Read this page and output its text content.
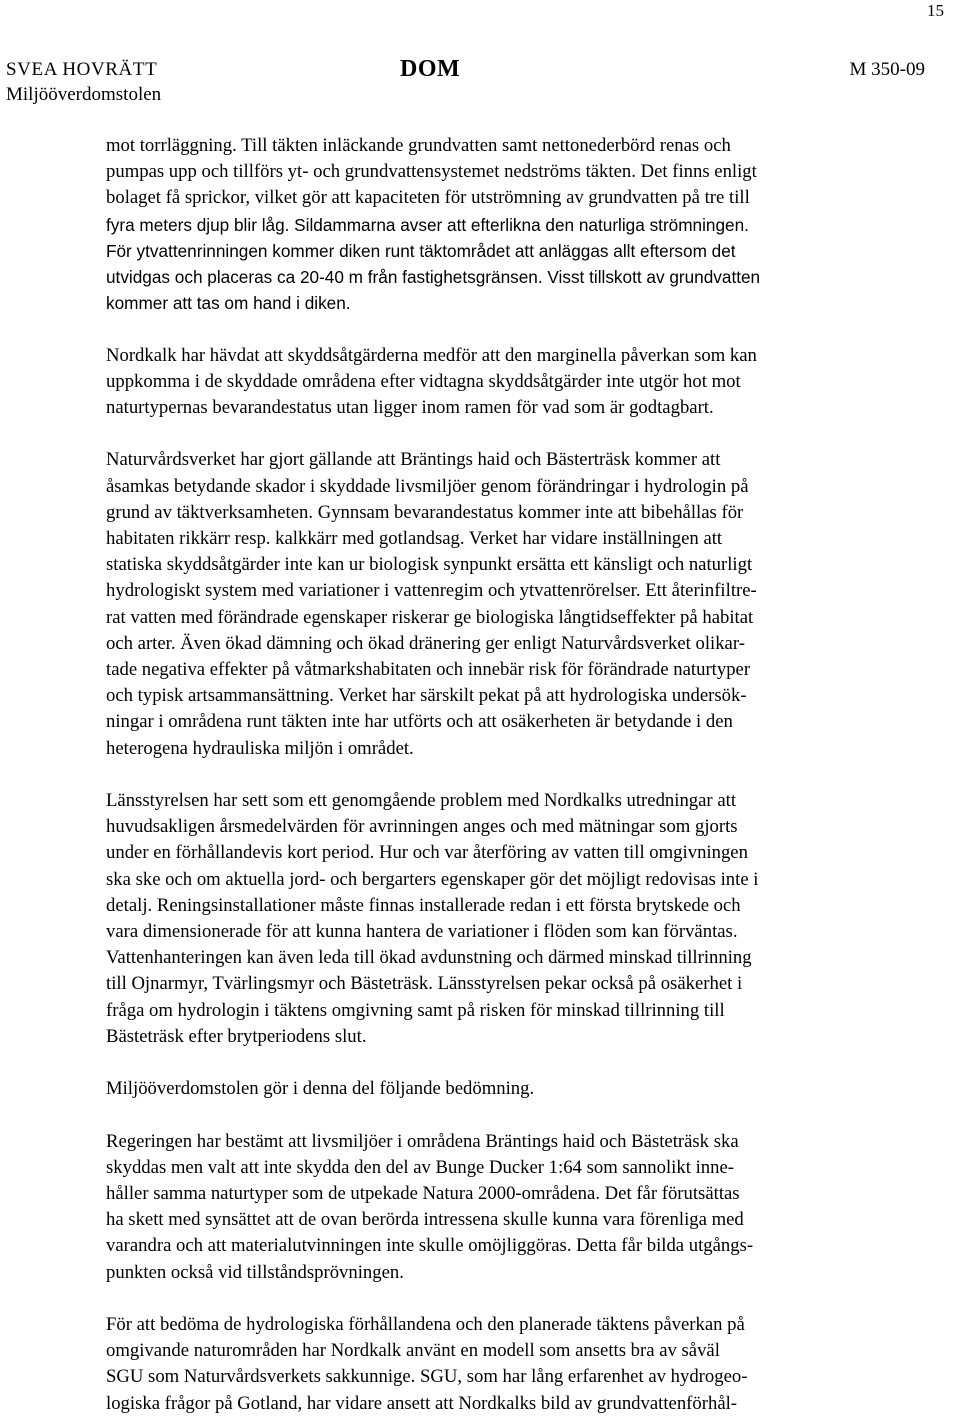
15
SVEA HOVRÄTT
Miljööverdomstolen
DOM	M 350-09

mot torrläggning. Till täkten inläckande grundvatten samt nettonederbörd renas och
pumpas upp och tillförs yt- och grundvattensystemet nedströms täkten. Det finns enligt
bolaget få sprickor, vilket gör att kapaciteten för utströmning av grundvatten på tre till
fyra meters djup blir låg. Sildammarna avser att efterlikna den naturliga strömningen.
För ytvattenrinningen kommer diken runt täktområdet att anläggas allt eftersom det
utvidgas och placeras ca 20-40 m från fastighetsgränsen. Visst tillskott av grundvatten
kommer att tas om hand i diken.

Nordkalk har hävdat att skyddsåtgärderna medför att den marginella påverkan som kan
uppkomma i de skyddade områdena efter vidtagna skyddsåtgärder inte utgör hot mot
naturtypernas bevarandestatus utan ligger inom ramen för vad som är godtagbart.

Naturvårdsverket har gjort gällande att Bräntings haid och Bästerträsk kommer att
åsamkas betydande skador i skyddade livsmiljöer genom förändringar i hydrologin på
grund av täktverksamheten. Gynnsam bevarandestatus kommer inte att bibehållas för
habitaten rikkärr resp. kalkkärr med gotlandsag. Verket har vidare inställningen att
statiska skyddsåtgärder inte kan ur biologisk synpunkt ersätta ett känsligt och naturligt
hydrologiskt system med variationer i vattenregim och ytvattenrörelser. Ett återinfiltre-
rat vatten med förändrade egenskaper riskerar ge biologiska långtidseffekter på habitat
och arter. Även ökad dämning och ökad dränering ger enligt Naturvårdsverket olikar-
tade negativa effekter på våtmarkshabitaten och innebär risk för förändrade naturtyper
och typisk artsammansättning. Verket har särskilt pekat på att hydrologiska undersök-
ningar i områdena runt täkten inte har utförts och att osäkerheten är betydande i den
heterogena hydrauliska miljön i området.

Länsstyrelsen har sett som ett genomgående problem med Nordkalks utredningar att
huvudsakligen årsmedelvärden för avrinningen anges och med mätningar som gjorts
under en förhållandevis kort period. Hur och var återföring av vatten till omgivningen
ska ske och om aktuella jord- och bergarters egenskaper gör det möjligt redovisas inte i
detalj. Reningsinstallationer måste finnas installerade redan i ett första brytskede och
vara dimensionerade för att kunna hantera de variationer i flöden som kan förväntas.
Vattenhanteringen kan även leda till ökad avdunstning och därmed minskad tillrinning
till Ojnarmyr, Tvärlingsmyr och Bästeträsk. Länsstyrelsen pekar också på osäkerhet i
fråga om hydrologin i täktens omgivning samt på risken för minskad tillrinning till
Bästeträsk efter brytperiodens slut.

Miljööverdomstolen gör i denna del följande bedömning.

Regeringen har bestämt att livsmiljöer i områdena Bräntings haid och Bästeträsk ska
skyddas men valt att inte skydda den del av Bunge Ducker 1:64 som sannolikt inne-
håller samma naturtyper som de utpekade Natura 2000-områdena. Det får förutsättas
ha skett med synsättet att de ovan berörda intressena skulle kunna vara förenliga med
varandra och att materialutvinningen inte skulle omöjliggöras. Detta får bilda utgångs-
punkten också vid tillståndsprövningen.

För att bedöma de hydrologiska förhållandena och den planerade täktens påverkan på
omgivande naturområden har Nordkalk använt en modell som ansetts bra av såväl
SGU som Naturvårdsverkets sakkunnige. SGU, som har lång erfarenhet av hydrogeo-
logiska frågor på Gotland, har vidare ansett att Nordkalks bild av grundvattenförhål-
